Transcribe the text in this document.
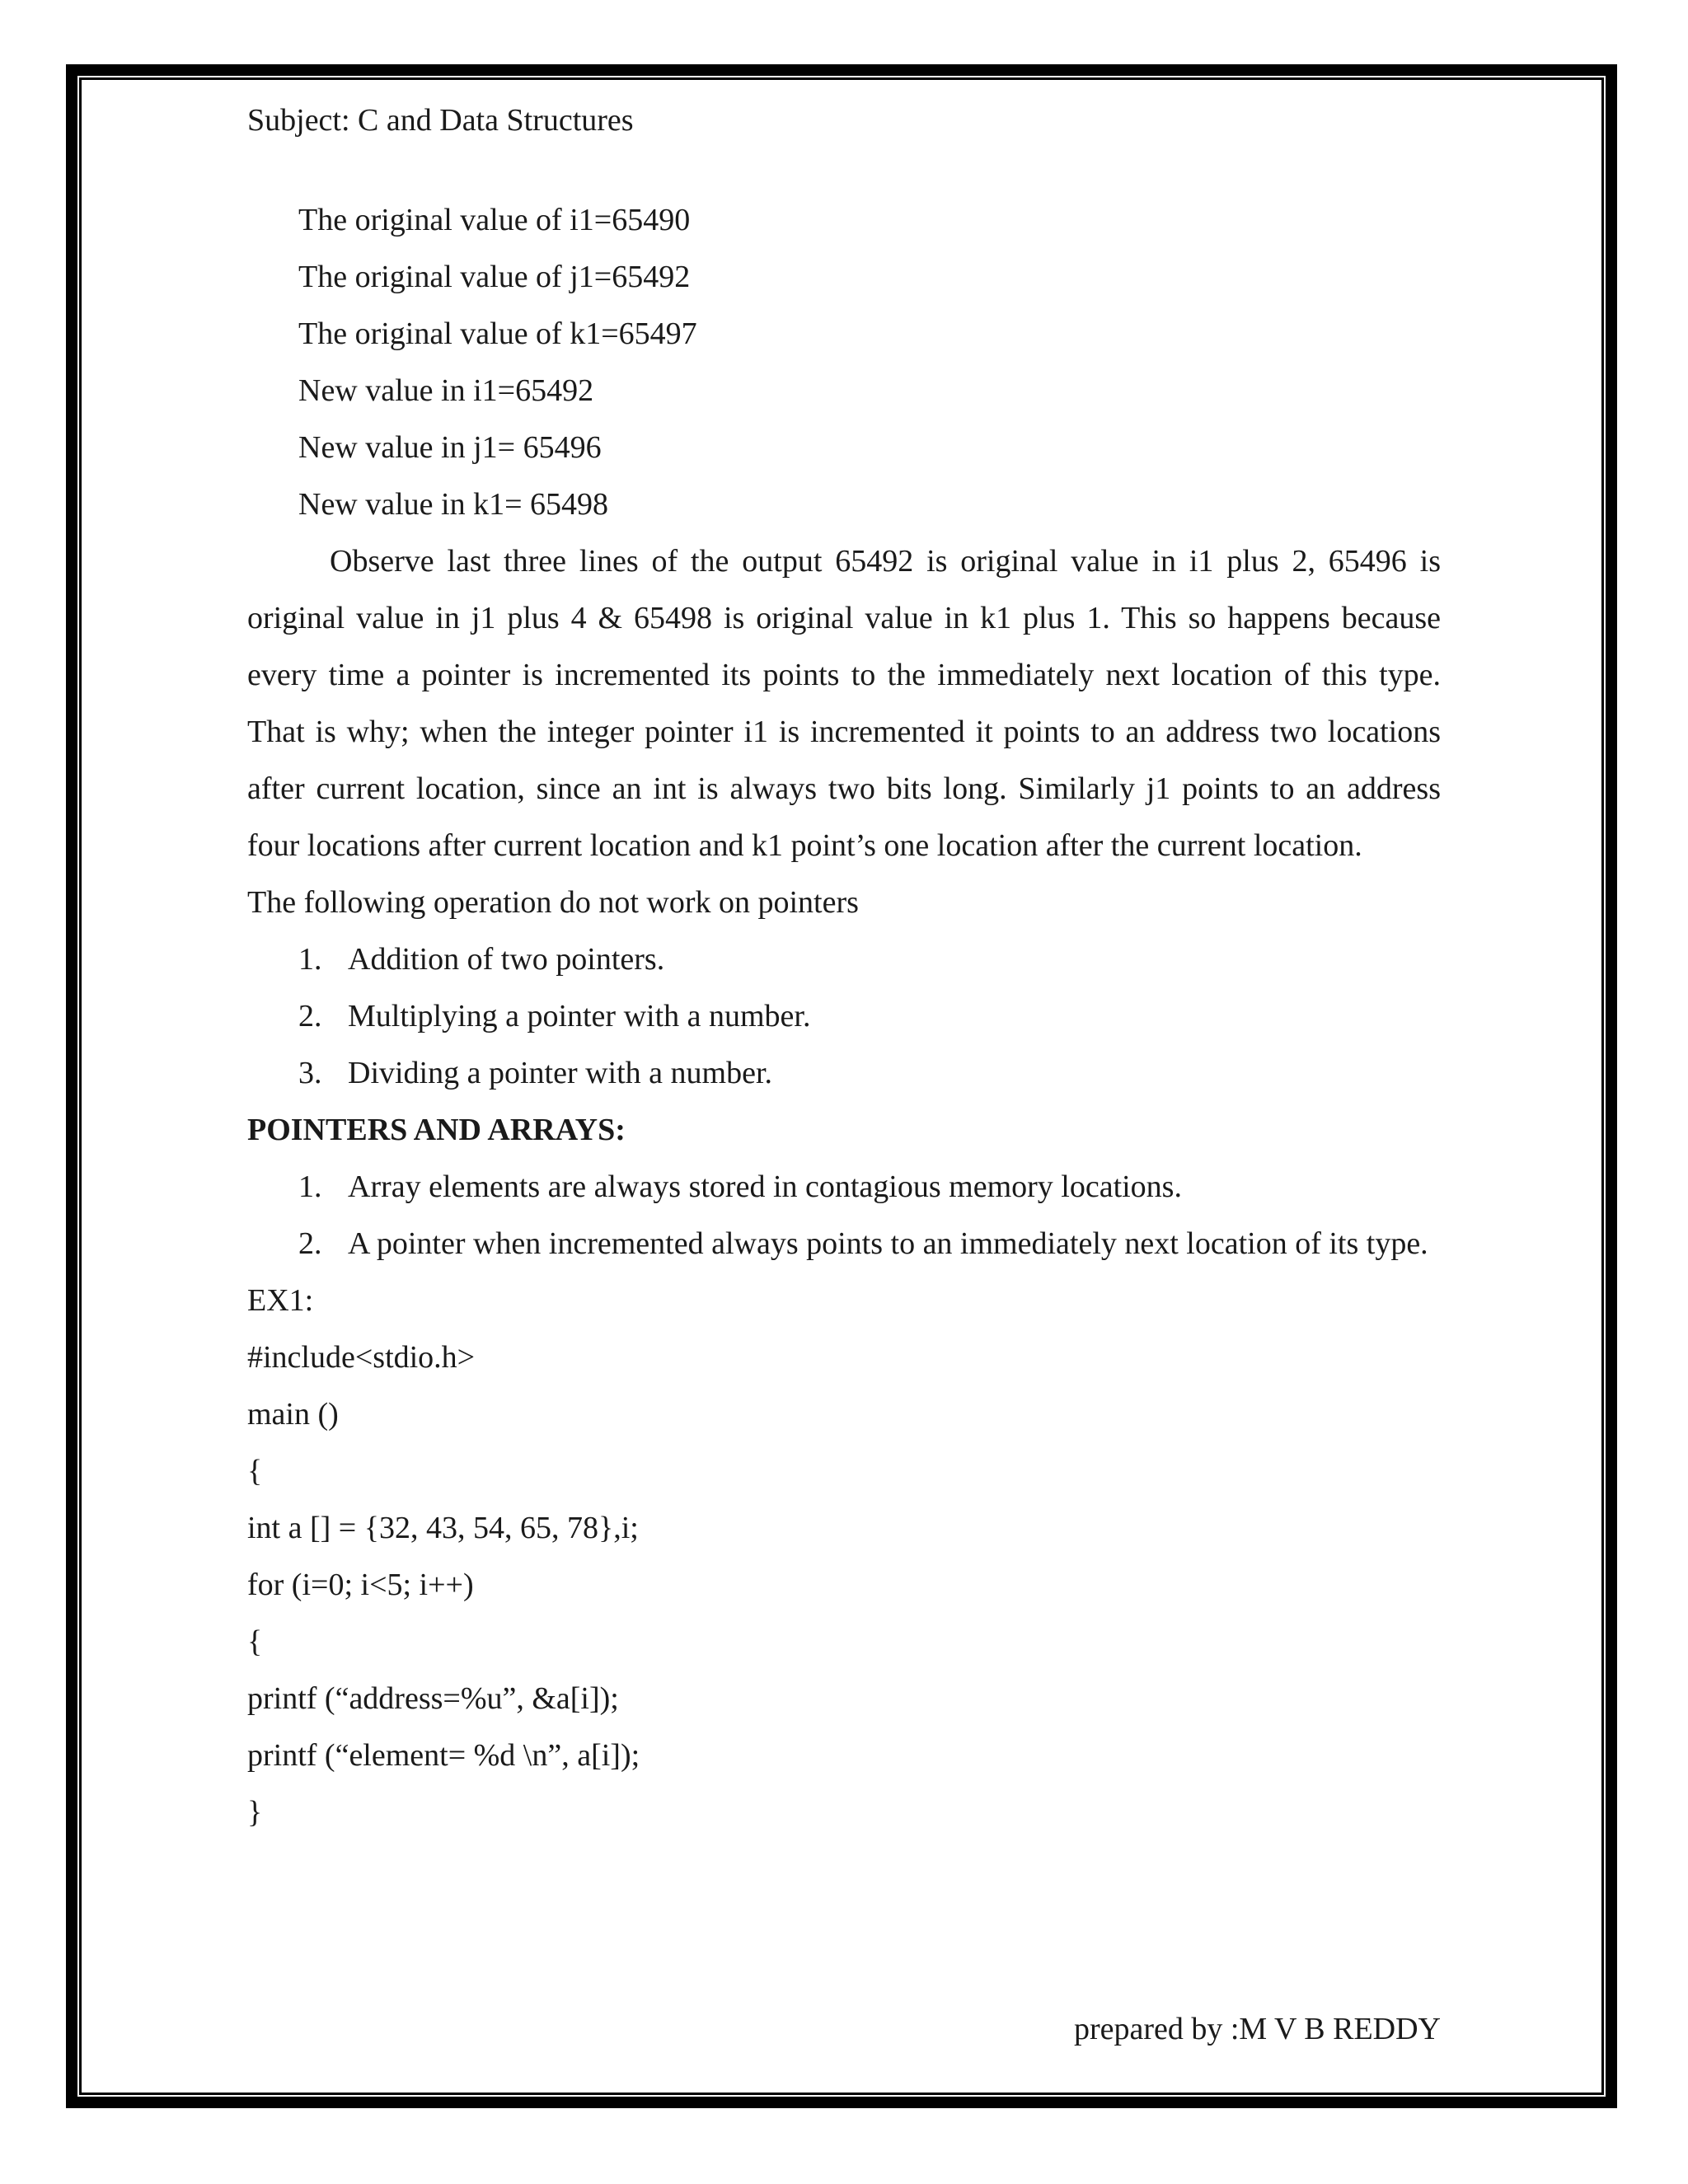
Subject: C and Data Structures
The original value of i1=65490
The original value of j1=65492
The original value of k1=65497
New value in i1=65492
New value in j1= 65496
New value in k1= 65498
Observe last three lines of the output 65492 is original value in i1 plus 2, 65496 is original value in j1 plus 4 & 65498 is original value in k1 plus 1. This so happens because every time a pointer is incremented its points to the immediately next location of this type. That is why; when the integer pointer i1 is incremented it points to an address two locations after current location, since an int is always two bits long. Similarly j1 points to an address four locations after current location and k1 point’s one location after the current location.
The following operation do not work on pointers
1. Addition of two pointers.
2. Multiplying a pointer with a number.
3. Dividing a pointer with a number.
POINTERS AND ARRAYS:
1. Array elements are always stored in contagious memory locations.
2. A pointer when incremented always points to an immediately next location of its type.
EX1:
#include<stdio.h>
main ()
{
int a [] = {32, 43, 54, 65, 78},i;
for (i=0; i<5; i++)
{
printf (“address=%u”, &a[i]);
printf (“element= %d \n”, a[i]);
}
prepared by :M V B REDDY
